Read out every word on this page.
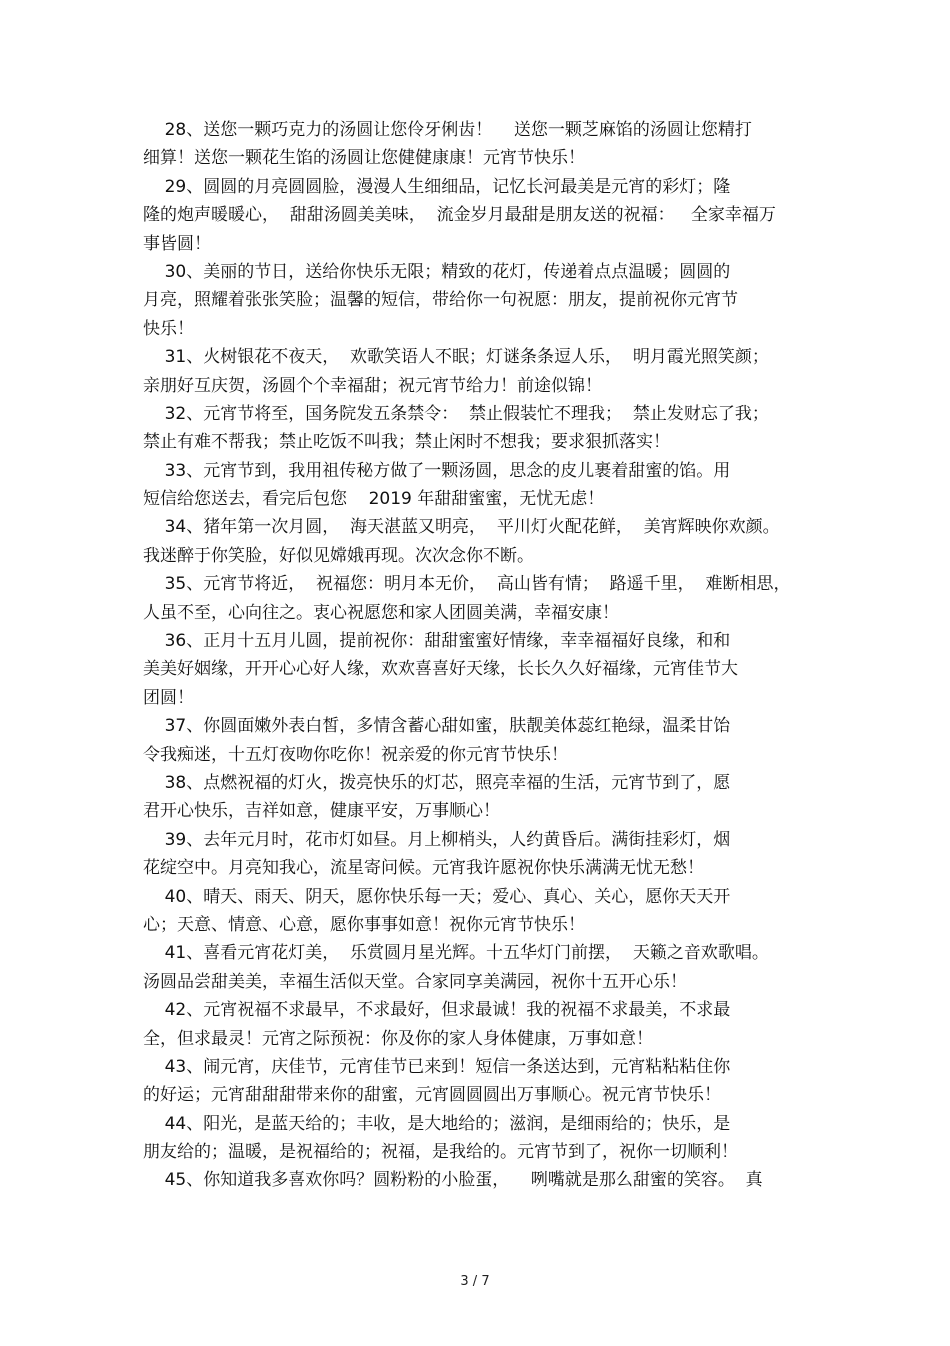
28、送您一颗巧克力的汤圆让您伶牙俐齿！    送您一颗芝麻馅的汤圆让您精打
细算！送您一颗花生馅的汤圆让您健健康康！元宵节快乐！
29、圆圆的月亮圆圆脸，漫漫人生细细品，记忆长河最美是元宵的彩灯；隆
隆的炮声暖暖心，  甜甜汤圆美美味，  流金岁月最甜是朋友送的祝福：   全家幸福万
事皆圆！
30、美丽的节日，送给你快乐无限；精致的花灯，传递着点点温暖；圆圆的
月亮，照耀着张张笑脸；温馨的短信，带给你一句祝愿：朋友，提前祝你元宵节
快乐！
31、火树银花不夜天，  欢歌笑语人不眠；灯谜条条逗人乐，  明月霞光照笑颜；
亲朋好互庆贺，汤圆个个幸福甜；祝元宵节给力！前途似锦！
32、元宵节将至，国务院发五条禁令：  禁止假装忙不理我；  禁止发财忘了我；
禁止有难不帮我；禁止吃饭不叫我；禁止闲时不想我；要求狠抓落实！
33、元宵节到，我用祖传秘方做了一颗汤圆，思念的皮儿裹着甜蜜的馅。用
短信给您送去，看完后包您    2019 年甜甜蜜蜜，无忧无虑！
34、猪年第一次月圆，  海天湛蓝又明亮，  平川灯火配花鲜，  美宵辉映你欢颜。
我迷醉于你笑脸，好似见嫦娥再现。次次念你不断。
35、元宵节将近，  祝福您：明月本无价，  高山皆有情；  路遥千里，  难断相思，
人虽不至，心向往之。衷心祝愿您和家人团圆美满，幸福安康！
36、正月十五月儿圆，提前祝你：甜甜蜜蜜好情缘，幸幸福福好良缘，和和
美美好姻缘，开开心心好人缘，欢欢喜喜好天缘，长长久久好福缘，元宵佳节大
团圆！
37、你圆面嫩外表白皙，多情含蓄心甜如蜜，肤靓美体蕊红艳绿，温柔甘饴
令我痴迷，十五灯夜吻你吃你！祝亲爱的你元宵节快乐！
38、点燃祝福的灯火，拨亮快乐的灯芯，照亮幸福的生活，元宵节到了，愿
君开心快乐，吉祥如意，健康平安，万事顺心！
39、去年元月时，花市灯如昼。月上柳梢头，人约黄昏后。满街挂彩灯，烟
花绽空中。月亮知我心，流星寄问候。元宵我许愿祝你快乐满满无忧无愁！
40、晴天、雨天、阴天，愿你快乐每一天；爱心、真心、关心，愿你天天开
心；天意、情意、心意，愿你事事如意！祝你元宵节快乐！
41、喜看元宵花灯美，  乐赏圆月星光辉。十五华灯门前摆，  天籁之音欢歌唱。
汤圆品尝甜美美，幸福生活似天堂。合家同享美满园，祝你十五开心乐！
42、元宵祝福不求最早，不求最好，但求最诚！我的祝福不求最美，不求最
全，但求最灵！元宵之际预祝：你及你的家人身体健康，万事如意！
43、闹元宵，庆佳节，元宵佳节已来到！短信一条送达到，元宵粘粘粘住你
的好运；元宵甜甜甜带来你的甜蜜，元宵圆圆圆出万事顺心。祝元宵节快乐！
44、阳光，是蓝天给的；丰收，是大地给的；滋润，是细雨给的；快乐，是
朋友给的；温暖，是祝福给的；祝福，是我给的。元宵节到了，祝你一切顺利！
45、你知道我多喜欢你吗？圆粉粉的小脸蛋，    咧嘴就是那么甜蜜的笑容。  真
3 / 7
